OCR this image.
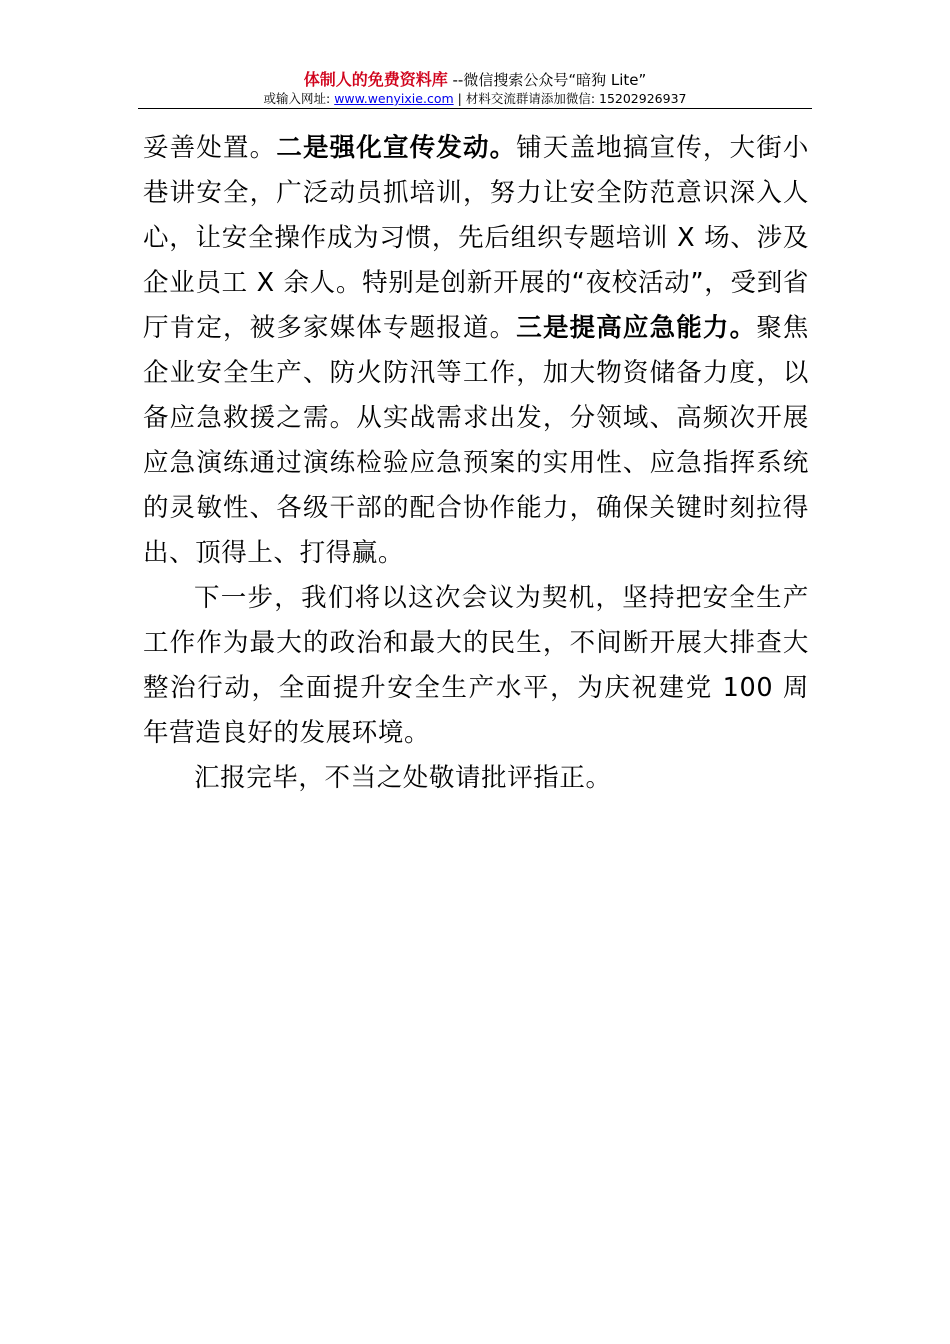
体制人的免费资料库 --微信搜索公众号“暗狗 Lite”
或输入网址: www.wenyixie.com | 材料交流群请添加微信: 15202926937

妥善处置。二是强化宣传发动。铺天盖地搞宣传，大街小巷讲安全，广泛动员抓培训，努力让安全防范意识深入人心，让安全操作成为习惯，先后组织专题培训 X 场、涉及企业员工 X 余人。特别是创新开展的“夜校活动”，受到省厅肯定，被多家媒体专题报道。三是提高应急能力。聚焦企业安全生产、防火防汛等工作，加大物资储备力度，以备应急救援之需。从实战需求出发，分领域、高频次开展应急演练通过演练检验应急预案的实用性、应急指挥系统的灵敏性、各级干部的配合协作能力，确保关键时刻拉得出、顶得上、打得赢。

下一步，我们将以这次会议为契机，坚持把安全生产工作作为最大的政治和最大的民生，不间断开展大排查大整治行动，全面提升安全生产水平，为庆祝建党 100 周年营造良好的发展环境。

汇报完毕，不当之处敬请批评指正。
